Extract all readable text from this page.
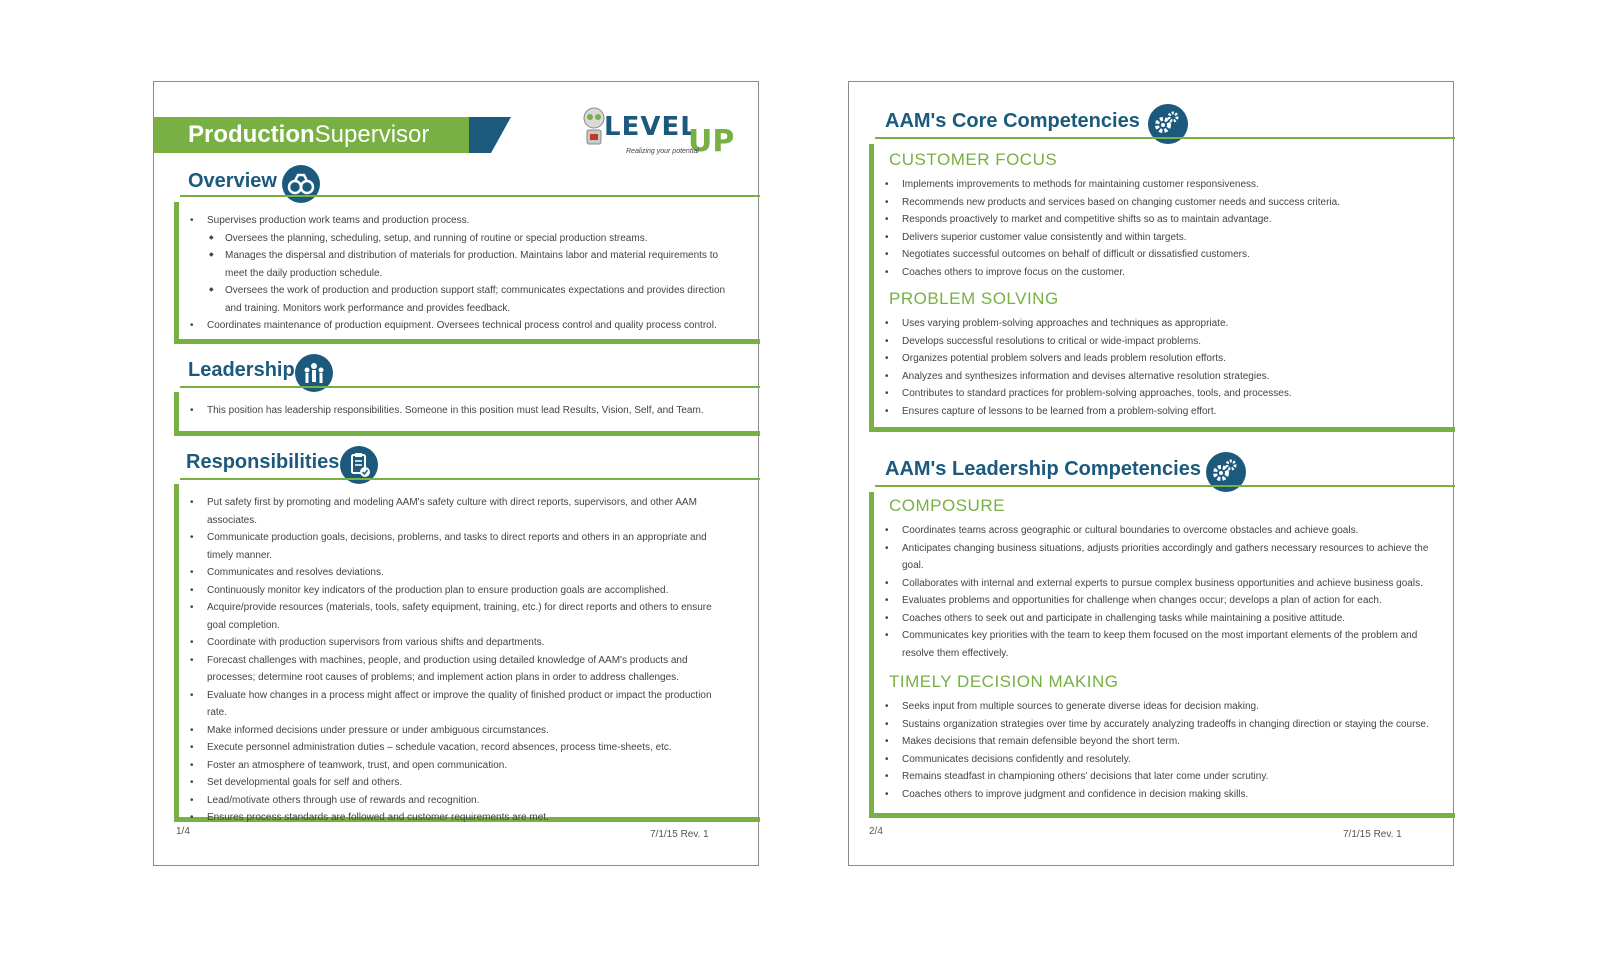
ProductionSupervisor	LEVEL
UP
Realizing your potential
Overview
• Supervises production work teams and production process.
◆ Oversees the planning, scheduling, setup, and running of routine or special production streams.
◆ Manages the dispersal and distribution of materials for production. Maintains labor and material requirements to meet the daily production schedule.
◆ Oversees the work of production and production support staff; communicates expectations and provides direction and training. Monitors work performance and provides feedback.
• Coordinates maintenance of production equipment. Oversees technical process control and quality process control.
Leadership
• This position has leadership responsibilities. Someone in this position must lead Results, Vision, Self, and Team.
Responsibilities
• Put safety first by promoting and modeling AAM's safety culture with direct reports, supervisors, and other AAM associates.
• Communicate production goals, decisions, problems, and tasks to direct reports and others in an appropriate and timely manner.
• Communicates and resolves deviations.
• Continuously monitor key indicators of the production plan to ensure production goals are accomplished.
• Acquire/provide resources (materials, tools, safety equipment, training, etc.) for direct reports and others to ensure goal completion.
• Coordinate with production supervisors from various shifts and departments.
• Forecast challenges with machines, people, and production using detailed knowledge of AAM's products and processes; determine root causes of problems; and implement action plans in order to address challenges.
• Evaluate how changes in a process might affect or improve the quality of finished product or impact the production rate.
• Make informed decisions under pressure or under ambiguous circumstances.
• Execute personnel administration duties – schedule vacation, record absences, process time-sheets, etc.
• Foster an atmosphere of teamwork, trust, and open communication.
• Set developmental goals for self and others.
• Lead/motivate others through use of rewards and recognition.
• Ensures process standards are followed and customer requirements are met.
1/4	7/1/15 Rev. 1
AAM's Core Competencies
CUSTOMER FOCUS
• Implements improvements to methods for maintaining customer responsiveness.
• Recommends new products and services based on changing customer needs and success criteria.
• Responds proactively to market and competitive shifts so as to maintain advantage.
• Delivers superior customer value consistently and within targets.
• Negotiates successful outcomes on behalf of difficult or dissatisfied customers.
• Coaches others to improve focus on the customer.
PROBLEM SOLVING
• Uses varying problem-solving approaches and techniques as appropriate.
• Develops successful resolutions to critical or wide-impact problems.
• Organizes potential problem solvers and leads problem resolution efforts.
• Analyzes and synthesizes information and devises alternative resolution strategies.
• Contributes to standard practices for problem-solving approaches, tools, and processes.
• Ensures capture of lessons to be learned from a problem-solving effort.
AAM's Leadership Competencies
COMPOSURE
• Coordinates teams across geographic or cultural boundaries to overcome obstacles and achieve goals.
• Anticipates changing business situations, adjusts priorities accordingly and gathers necessary resources to achieve the goal.
• Collaborates with internal and external experts to pursue complex business opportunities and achieve business goals.
• Evaluates problems and opportunities for challenge when changes occur; develops a plan of action for each.
• Coaches others to seek out and participate in challenging tasks while maintaining a positive attitude.
• Communicates key priorities with the team to keep them focused on the most important elements of the problem and resolve them effectively.
TIMELY DECISION MAKING
• Seeks input from multiple sources to generate diverse ideas for decision making.
• Sustains organization strategies over time by accurately analyzing tradeoffs in changing direction or staying the course.
• Makes decisions that remain defensible beyond the short term.
• Communicates decisions confidently and resolutely.
• Remains steadfast in championing others' decisions that later come under scrutiny.
• Coaches others to improve judgment and confidence in decision making skills.
2/4	7/1/15 Rev. 1
